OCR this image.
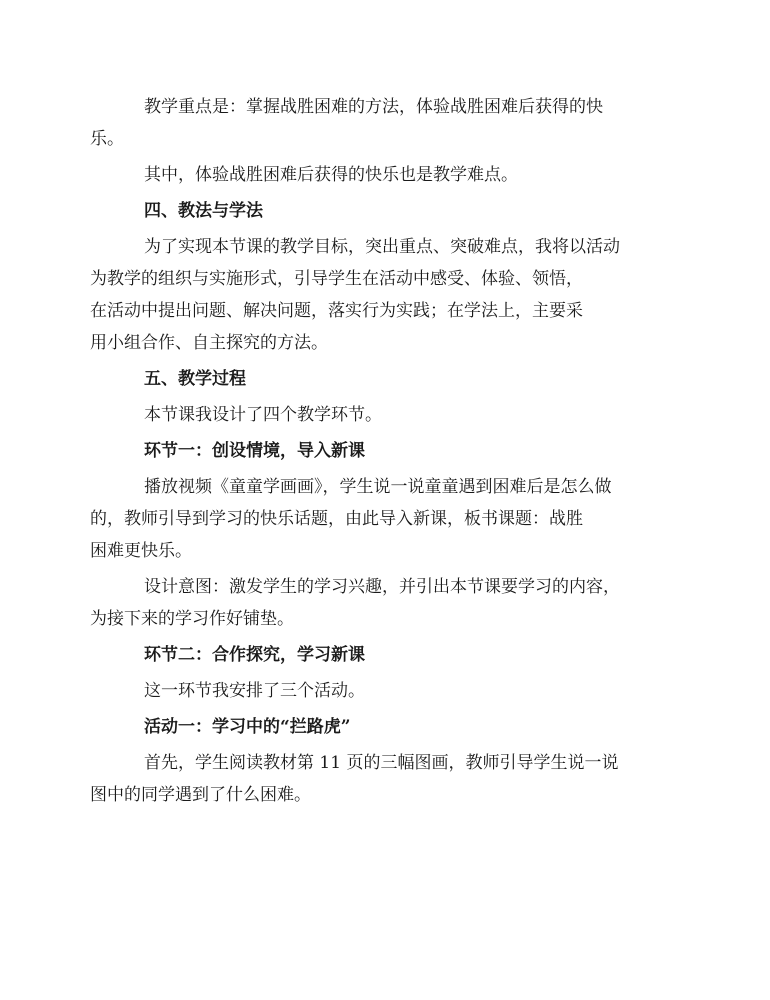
教学重点是：掌握战胜困难的方法，体验战胜困难后获得的快
乐。

其中，体验战胜困难后获得的快乐也是教学难点。

四、教法与学法

为了实现本节课的教学目标，突出重点、突破难点，我将以活动
为教学的组织与实施形式，引导学生在活动中感受、体验、领悟，
在活动中提出问题、解决问题，落实行为实践；在学法上，主要采
用小组合作、自主探究的方法。

五、教学过程

本节课我设计了四个教学环节。

环节一：创设情境，导入新课

播放视频《童童学画画》，学生说一说童童遇到困难后是怎么做
的，教师引导到学习的快乐话题，由此导入新课，板书课题：战胜
困难更快乐。

设计意图：激发学生的学习兴趣，并引出本节课要学习的内容，
为接下来的学习作好铺垫。

环节二：合作探究，学习新课

这一环节我安排了三个活动。

活动一：学习中的“拦路虎”

首先，学生阅读教材第 11 页的三幅图画，教师引导学生说一说
图中的同学遇到了什么困难。
